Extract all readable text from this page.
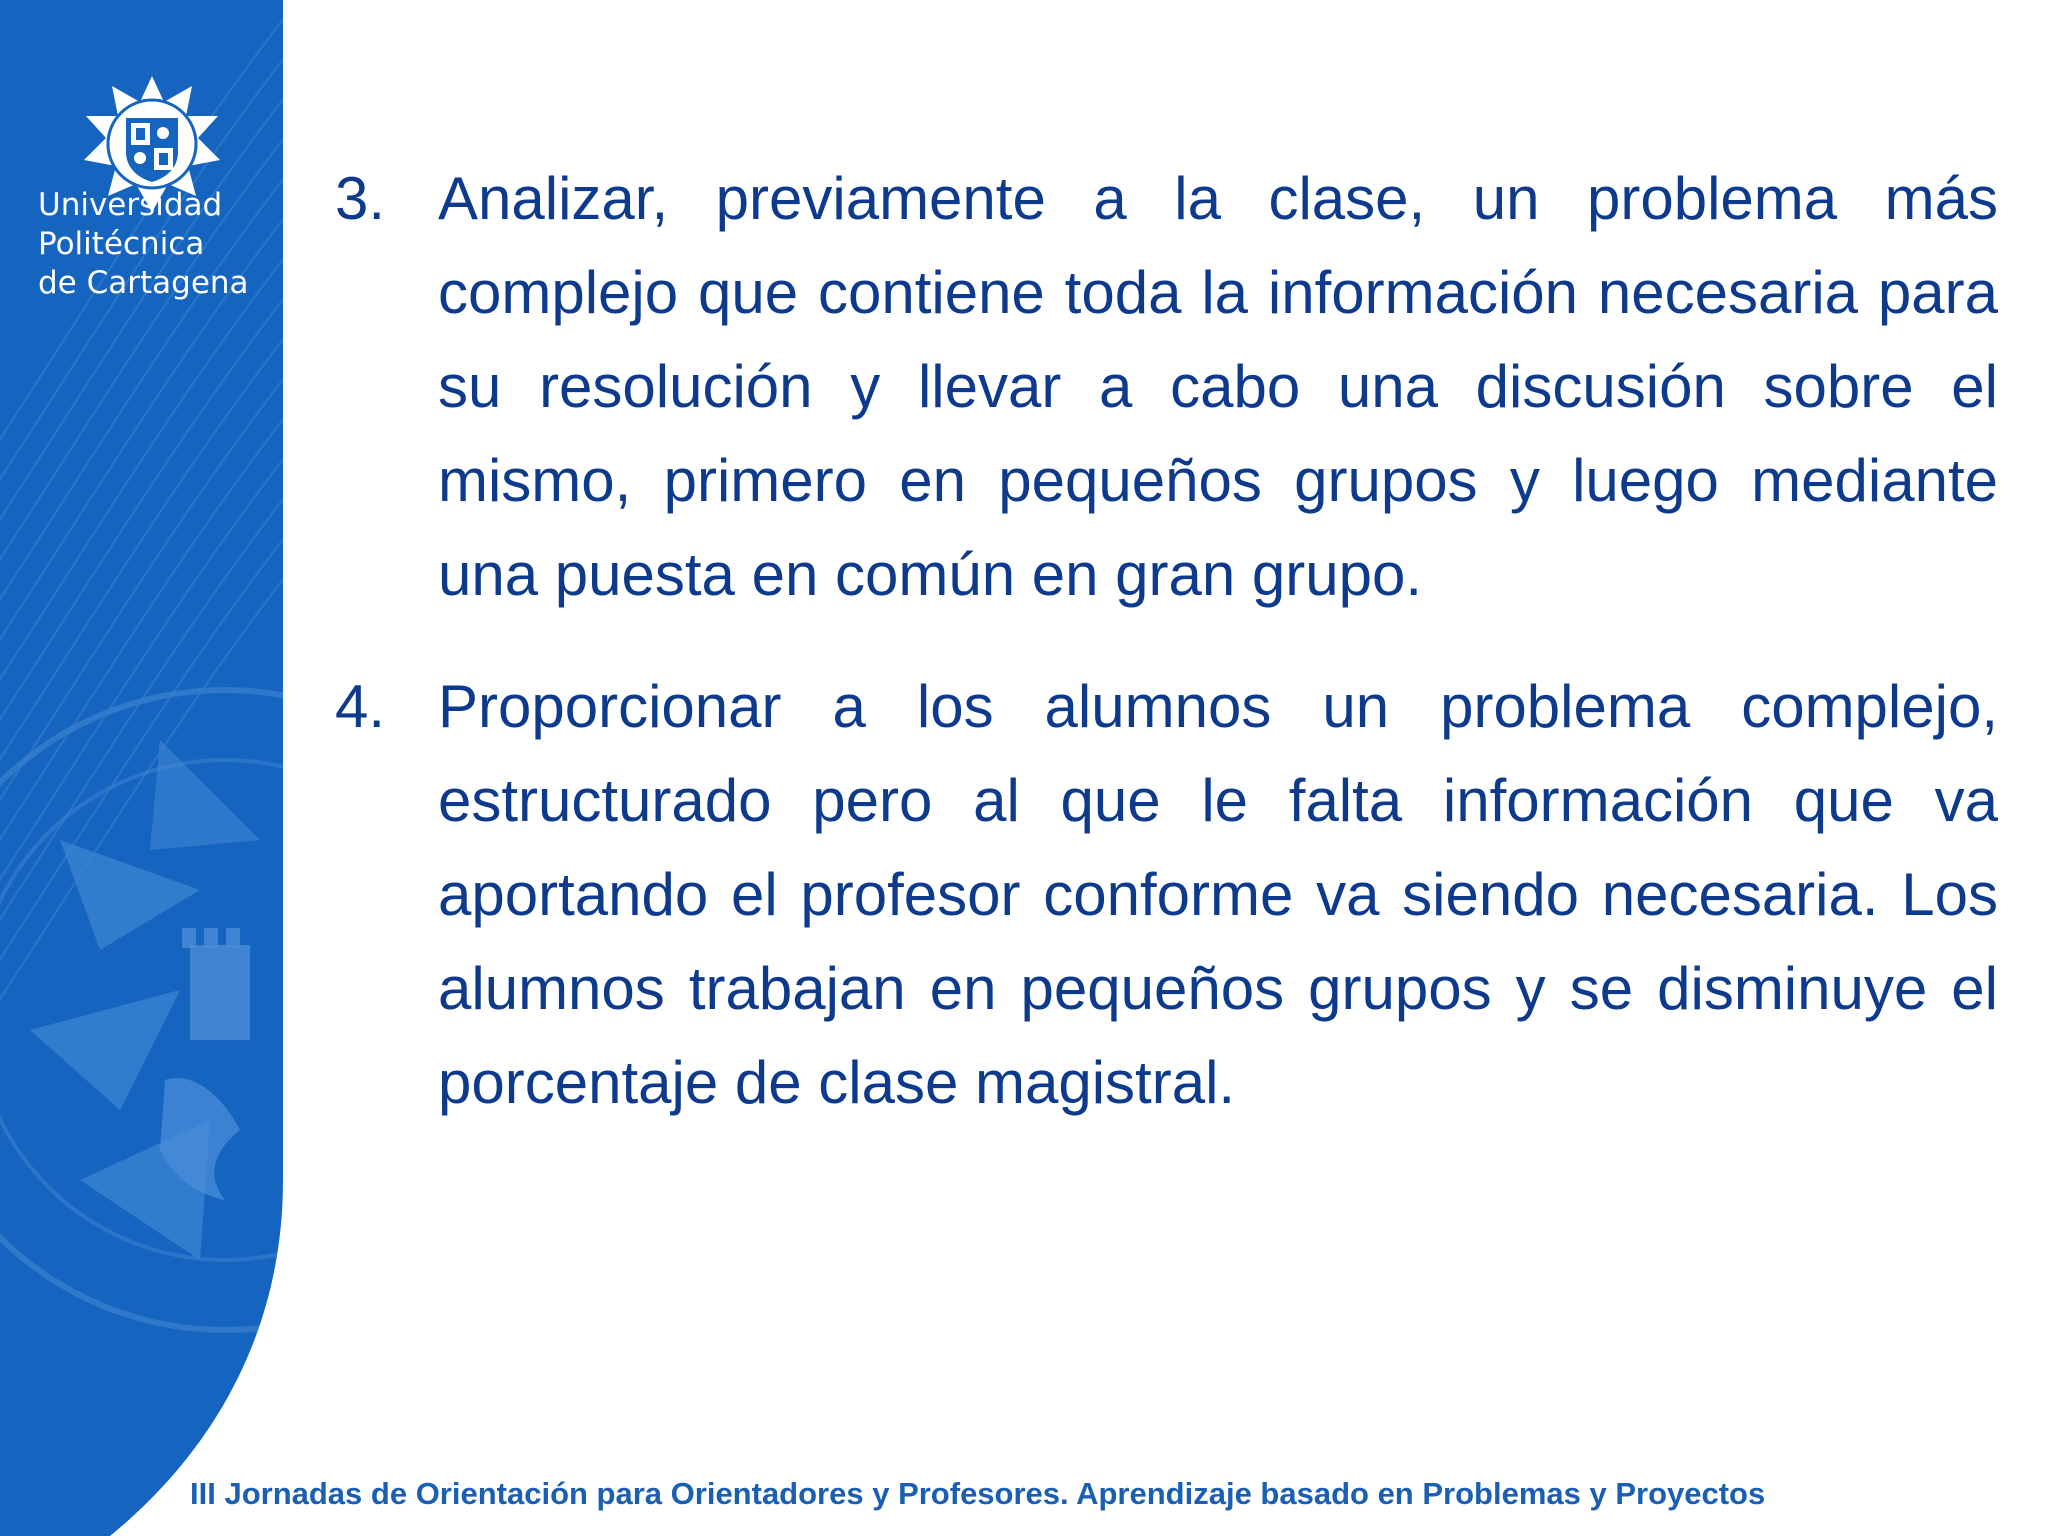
Universidad
Politécnica
de Cartagena
3. Analizar, previamente a la clase, un problema más complejo que contiene toda la información necesaria para su resolución y llevar a cabo una discusión sobre el mismo, primero en pequeños grupos y luego mediante una puesta en común en gran grupo.
4. Proporcionar a los alumnos un problema complejo, estructurado pero al que le falta información que va aportando el profesor conforme va siendo necesaria. Los alumnos trabajan en pequeños grupos y se disminuye el porcentaje de clase magistral.
III Jornadas de Orientación para Orientadores y Profesores. Aprendizaje basado en Problemas y Proyectos
